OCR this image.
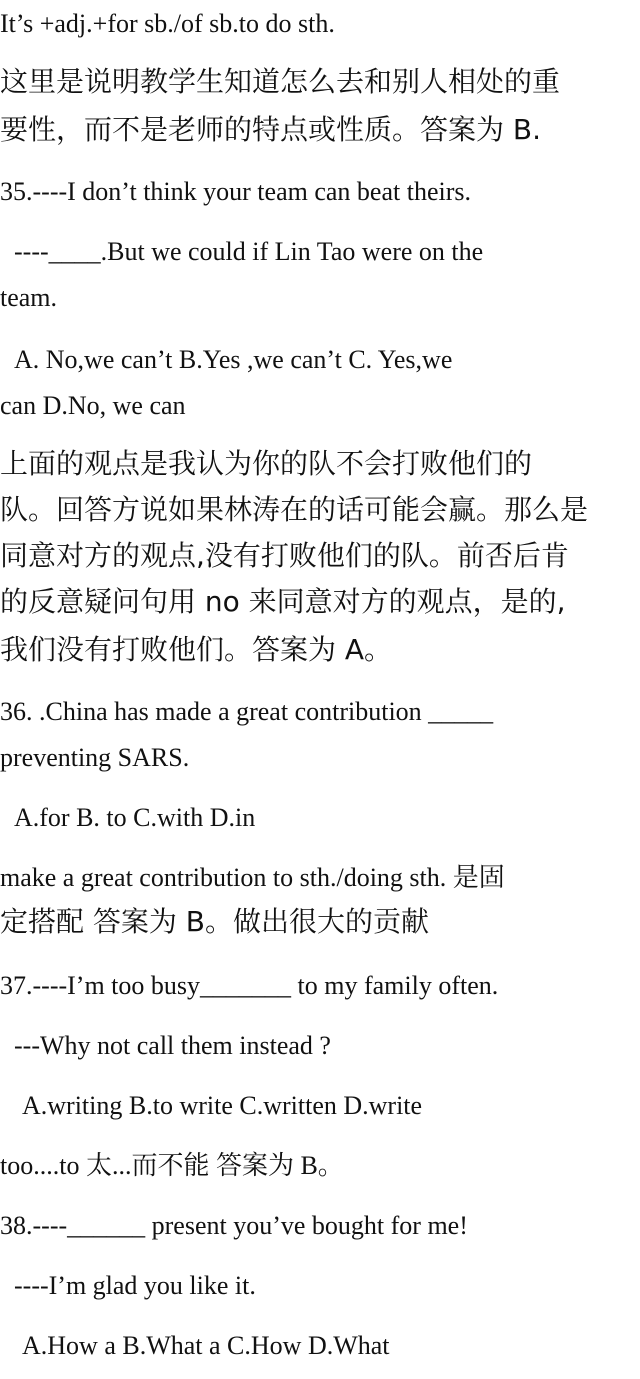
It’s +adj.+for sb./of sb.to do sth.

这里是说明教学生知道怎么去和别人相处的重

要性，而不是老师的特点或性质。答案为 B.

35.----I don’t think your team can beat theirs.

----____.But we could if Lin Tao were on the

team.

A. No,we can’t B.Yes ,we can’t C. Yes,we

can D.No, we can

上面的观点是我认为你的队不会打败他们的

队。回答方说如果林涛在的话可能会赢。那么是

同意对方的观点,没有打败他们的队。前否后肯

的反意疑问句用 no 来同意对方的观点，是的,

我们没有打败他们。答案为 A。

36. .China has made a great contribution _____

preventing SARS.

A.for B. to C.with D.in

make a great contribution to sth./doing sth. 是固

定搭配 答案为 B。做出很大的贡献

37.----I’m too busy_______ to my family often.

---Why not call them instead ?

A.writing B.to write C.written D.write

too....to 太...而不能 答案为 B。

38.----______ present you’ve bought for me!

----I’m glad you like it.

A.How a B.What a C.How D.What
